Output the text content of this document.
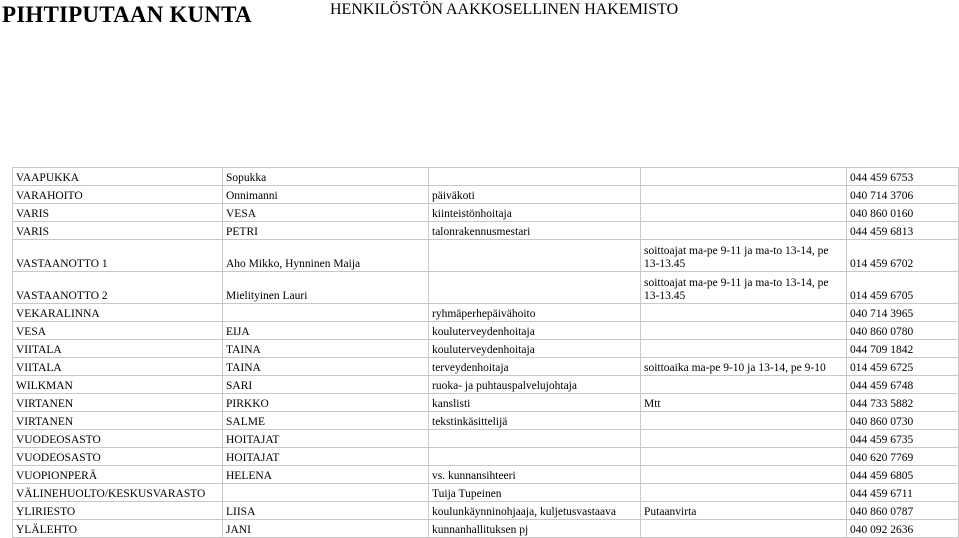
PIHTIPUTAAN KUNTA	HENKILÖSTÖN AAKKOSELLINEN HAKEMISTO
VAAPUKKA	Sopukka			044 459 6753
VARAHOITO	Onnimanni	päiväkoti		040 714 3706
VARIS	VESA	kiinteistönhoitaja		040 860 0160
VARIS	PETRI	talonrakennusmestari		044 459 6813
VASTAANOTTO 1	Aho Mikko, Hynninen Maija		soittoajat ma-pe 9-11 ja ma-to 13-14, pe 13-13.45	014 459 6702
VASTAANOTTO 2	Mielityinen Lauri		soittoajat ma-pe 9-11 ja ma-to 13-14, pe 13-13.45	014 459 6705
VEKARALINNA		ryhmäperhepäivähoito		040 714 3965
VESA	EIJA	kouluterveydenhoitaja		040 860 0780
VIITALA	TAINA	kouluterveydenhoitaja		044 709 1842
VIITALA	TAINA	terveydenhoitaja	soittoaika ma-pe 9-10 ja 13-14, pe 9-10	014 459 6725
WILKMAN	SARI	ruoka- ja puhtauspalvelujohtaja		044 459 6748
VIRTANEN	PIRKKO	kanslisti	Mtt	044 733 5882
VIRTANEN	SALME	tekstinkäsittelijä		040 860 0730
VUODEOSASTO	HOITAJAT			044 459 6735
VUODEOSASTO	HOITAJAT			040 620 7769
VUOPIONPERÄ	HELENA	vs. kunnansihteeri		044 459 6805
VÄLINEHUOLTO/KESKUSVARASTO		Tuija Tupeinen		044 459 6711
YLIRIESTO	LIISA	koulunkäynninohjaaja, kuljetusvastaava	Putaanvirta	040 860 0787
YLÄLEHTO	JANI	kunnanhallituksen pj		040 092 2636
